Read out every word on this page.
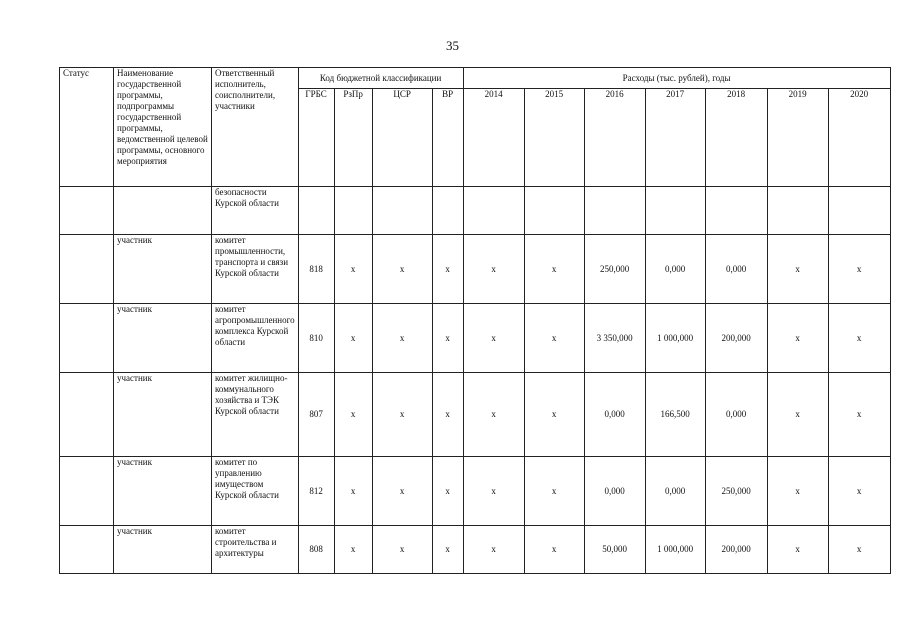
35
Статус	Наименование государственной программы, подпрограммы государственной программы, ведомственной целевой программы, основного мероприятия	Ответственный исполнитель, соисполнители, участники	Код бюджетной классификации				Расходы (тыс. рублей), годы						
			ГРБС	РзПр	ЦСР	ВР	2014	2015	2016	2017	2018	2019	2020
		безопасности Курской области											
	участник	комитет промышленности, транспорта и связи Курской области	818	x	x	x	x	x	250,000	0,000	0,000	x	x
	участник	комитет агропромышленного комплекса Курской области	810	x	x	x	x	x	3 350,000	1 000,000	200,000	x	x
	участник	комитет жилищно-коммунального хозяйства и ТЭК Курской области	807	x	x	x	x	x	0,000	166,500	0,000	x	x
	участник	комитет по управлению имуществом Курской области	812	x	x	x	x	x	0,000	0,000	250,000	x	x
	участник	комитет строительства и архитектуры	808	x	x	x	x	x	50,000	1 000,000	200,000	x	x
